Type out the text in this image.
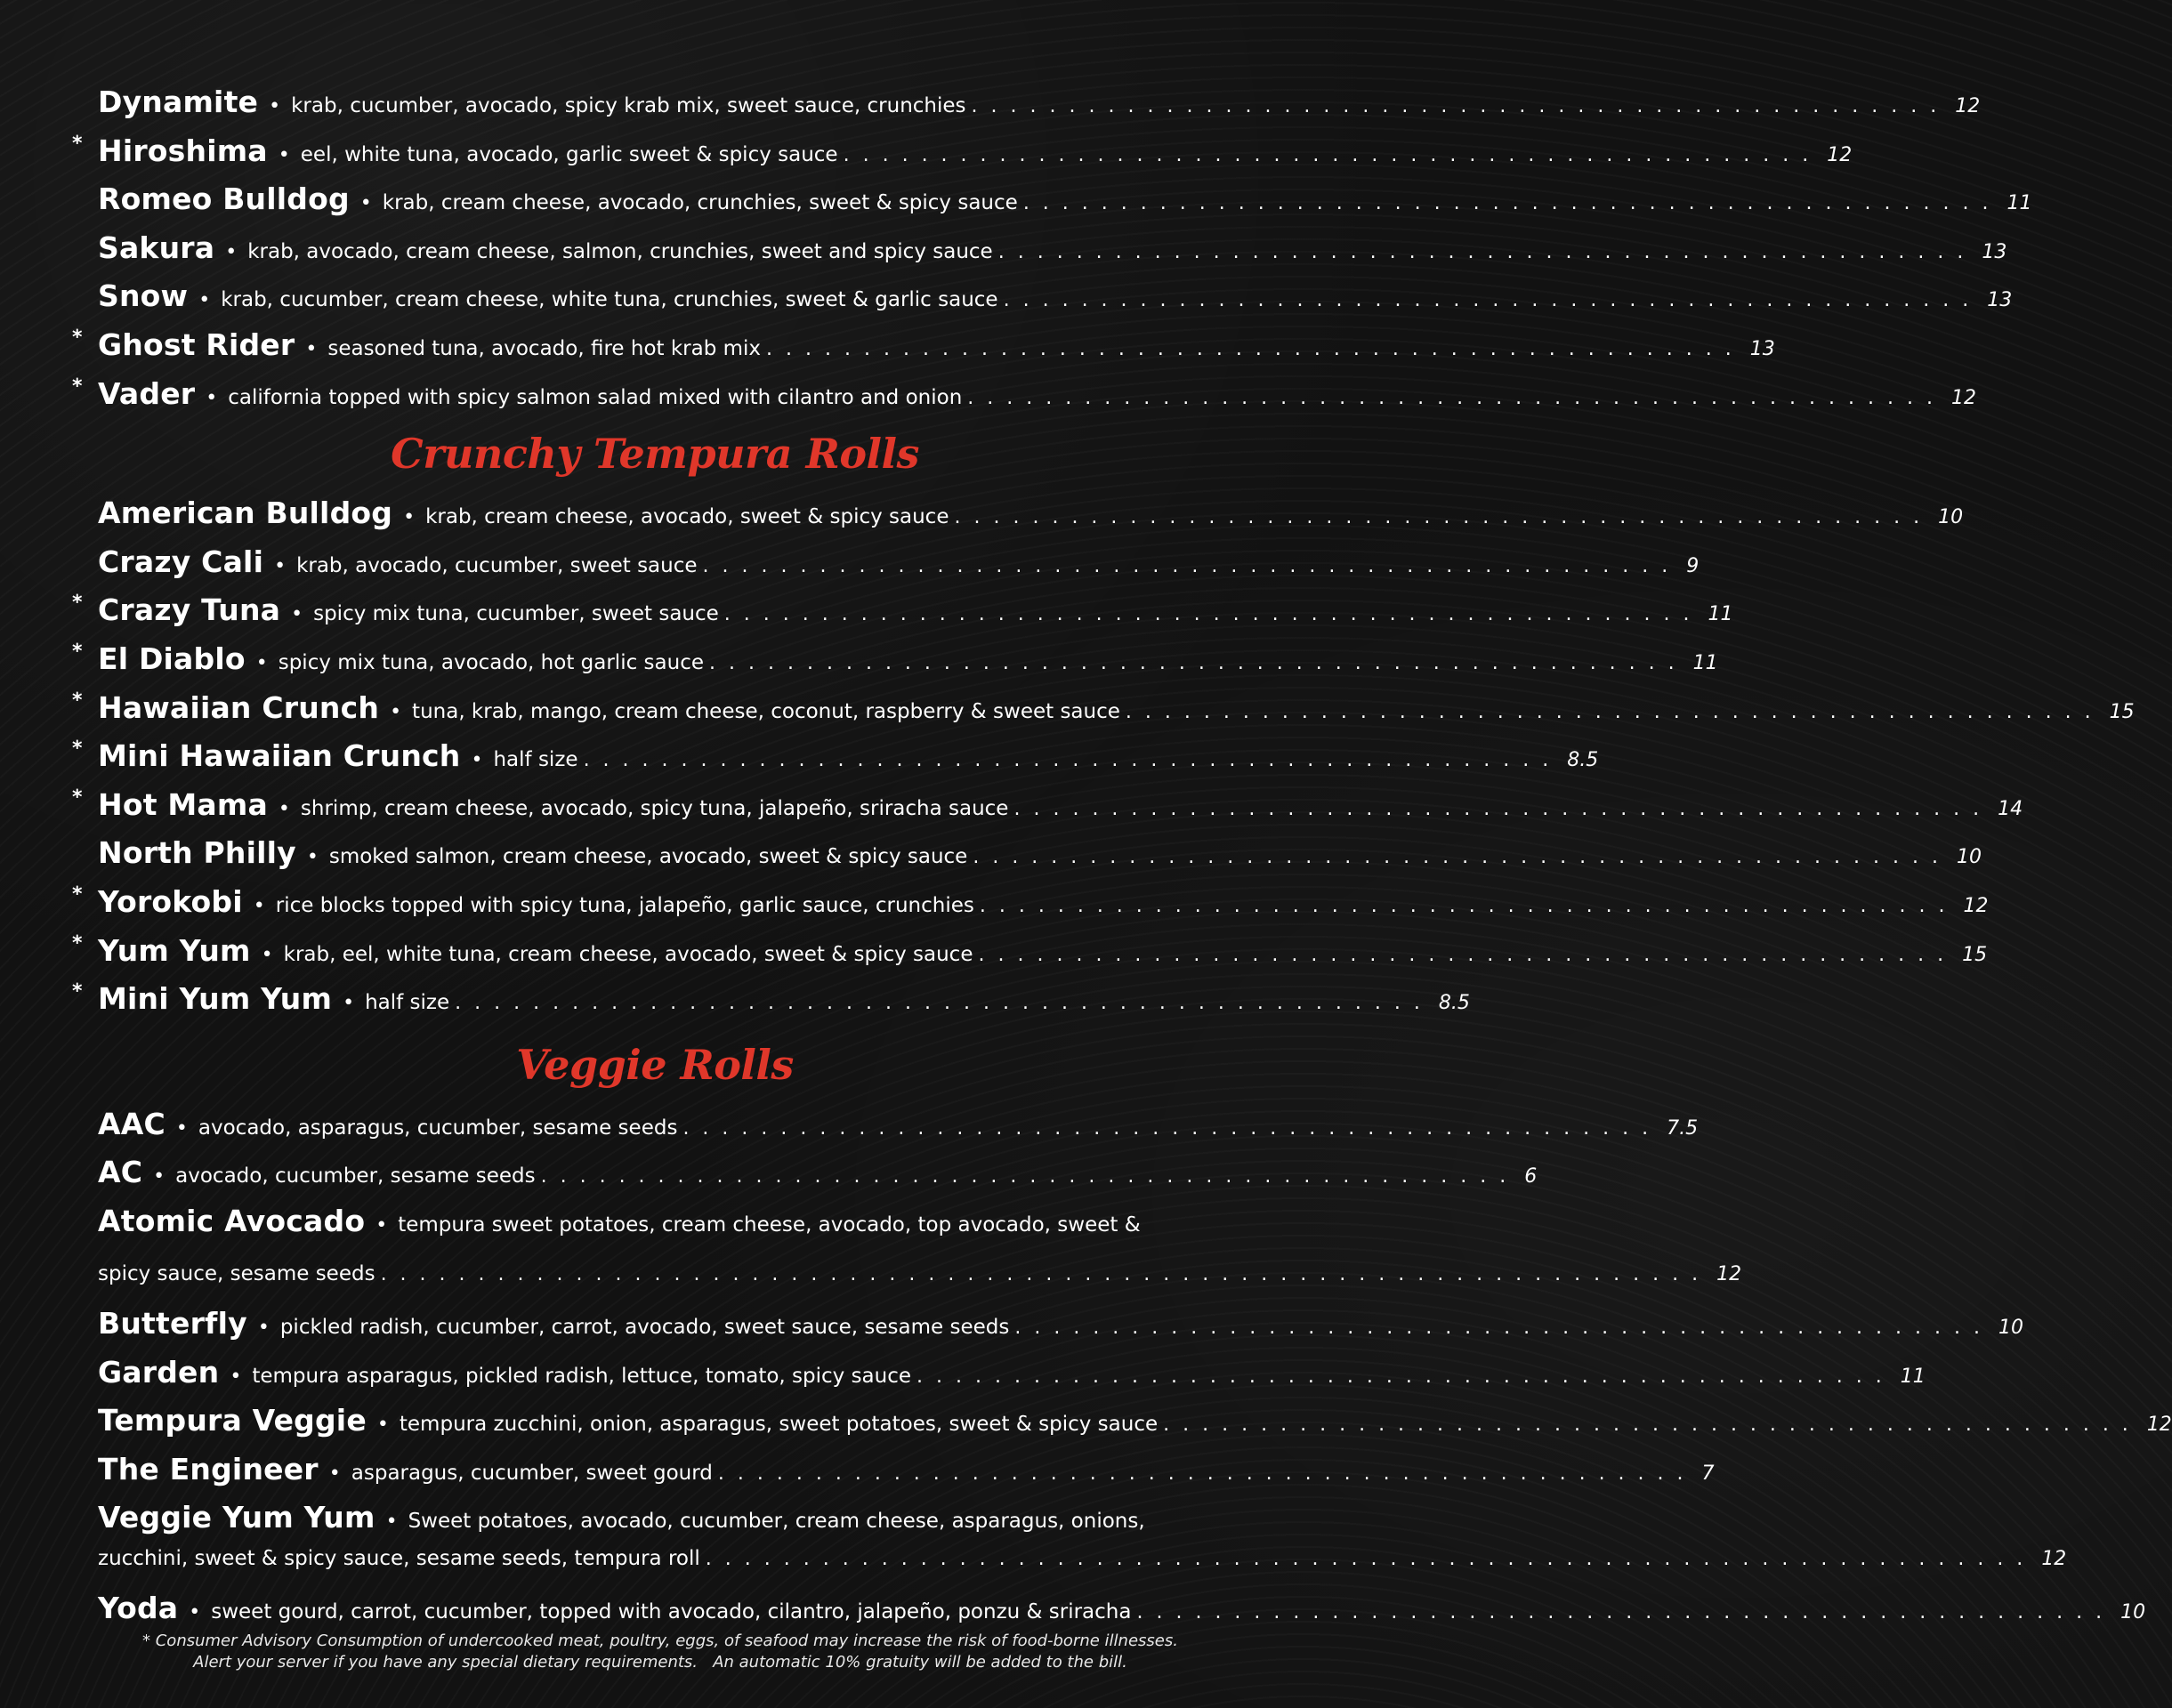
Dynamite • krab, cucumber, avocado, spicy krab mix, sweet sauce, crunchies .................................................. 12
* Hiroshima • eel, white tuna, avocado, garlic sweet & spicy sauce .................................................. 12
Romeo Bulldog • krab, cream cheese, avocado, crunchies, sweet & spicy sauce .................................................. 11
Sakura • krab, avocado, cream cheese, salmon, crunchies, sweet and spicy sauce .................................................. 13
Snow • krab, cucumber, cream cheese, white tuna, crunchies, sweet & garlic sauce .................................................. 13
* Ghost Rider • seasoned tuna, avocado, fire hot krab mix .................................................. 13
* Vader • california topped with spicy salmon salad mixed with cilantro and onion .................................................. 12
Crunchy Tempura Rolls
American Bulldog • krab, cream cheese, avocado, sweet & spicy sauce .................................................. 10
Crazy Cali • krab, avocado, cucumber, sweet sauce .................................................. 9
* Crazy Tuna • spicy mix tuna, cucumber, sweet sauce .................................................. 11
* El Diablo • spicy mix tuna, avocado, hot garlic sauce .................................................. 11
* Hawaiian Crunch • tuna, krab, mango, cream cheese, coconut, raspberry & sweet sauce .................................................. 15
* Mini Hawaiian Crunch • half size .................................................. 8.5
* Hot Mama • shrimp, cream cheese, avocado, spicy tuna, jalapeño, sriracha sauce .................................................. 14
North Philly • smoked salmon, cream cheese, avocado, sweet & spicy sauce .................................................. 10
* Yorokobi • rice blocks topped with spicy tuna, jalapeño, garlic sauce, crunchies .................................................. 12
* Yum Yum • krab, eel, white tuna, cream cheese, avocado, sweet & spicy sauce .................................................. 15
* Mini Yum Yum • half size .................................................. 8.5
Veggie Rolls
AAC • avocado, asparagus, cucumber, sesame seeds .................................................. 7.5
AC • avocado, cucumber, sesame seeds .................................................. 6
Atomic Avocado • tempura sweet potatoes, cream cheese, avocado, top avocado, sweet &
spicy sauce, sesame seeds .................................................................... 12
Butterfly • pickled radish, cucumber, carrot, avocado, sweet sauce, sesame seeds .................................................. 10
Garden • tempura asparagus, pickled radish, lettuce, tomato, spicy sauce .................................................. 11
Tempura Veggie • tempura zucchini, onion, asparagus, sweet potatoes, sweet & spicy sauce .................................................. 12
The Engineer • asparagus, cucumber, sweet gourd .................................................. 7
Veggie Yum Yum • Sweet potatoes, avocado, cucumber, cream cheese, asparagus, onions,
zucchini, sweet & spicy sauce, sesame seeds, tempura roll .................................................................... 12
Yoda • sweet gourd, carrot, cucumber, topped with avocado, cilantro, jalapeño, ponzu & sriracha .................................................. 10
* Consumer Advisory Consumption of undercooked meat, poultry, eggs, of seafood may increase the risk of food-borne illnesses.
Alert your server if you have any special dietary requirements.   An automatic 10% gratuity will be added to the bill.
